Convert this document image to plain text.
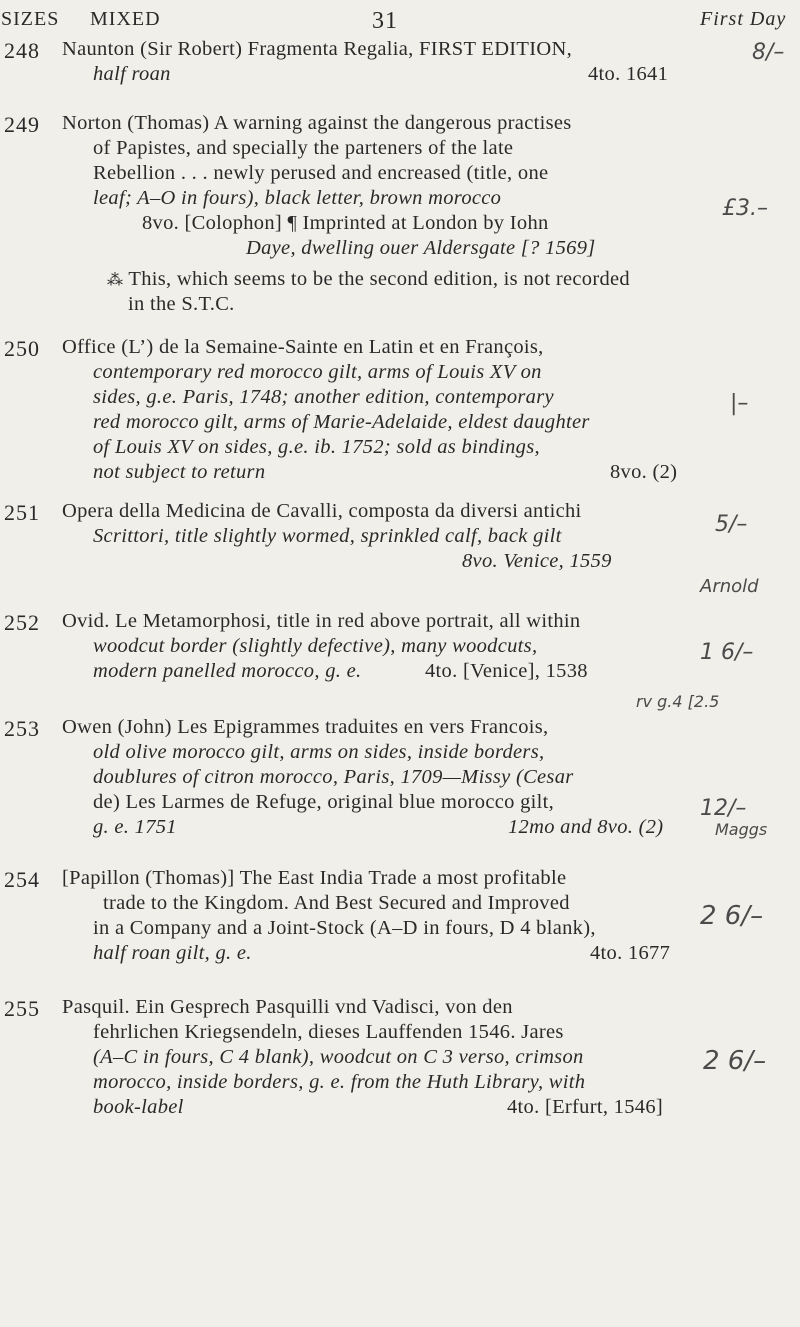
SIZES MIXED	31	First Day
248 Naunton (Sir Robert) Fragmenta Regalia, FIRST EDITION,
half roan	4to. 1641
8/–
249 Norton (Thomas) A warning against the dangerous practises
of Papistes, and specially the parteners of the late
Rebellion . . . newly perused and encreased (title, one
leaf; A–O in fours), black letter, brown morocco
8vo. [Colophon] ¶ Imprinted at London by Iohn
Daye, dwelling ouer Aldersgate [? 1569]
⁂ This, which seems to be the second edition, is not recorded
in the S.T.C.
£3.–
250 Office (L’) de la Semaine-Sainte en Latin et en François,
contemporary red morocco gilt, arms of Louis XV on
sides, g.e. Paris, 1748; another edition, contemporary
red morocco gilt, arms of Marie-Adelaide, eldest daughter
of Louis XV on sides, g.e. ib. 1752; sold as bindings,
not subject to return	8vo. (2)
|–
251 Opera della Medicina de Cavalli, composta da diversi antichi
Scrittori, title slightly wormed, sprinkled calf, back gilt
8vo. Venice, 1559
5/–
Arnold
252 Ovid. Le Metamorphosi, title in red above portrait, all within
woodcut border (slightly defective), many woodcuts,
modern panelled morocco, g. e.	4to. [Venice], 1538
1 6/–
rv g.4 [2.5
253 Owen (John) Les Epigrammes traduites en vers Francois,
old olive morocco gilt, arms on sides, inside borders,
doublures of citron morocco, Paris, 1709—Missy (Cesar
de) Les Larmes de Refuge, original blue morocco gilt,
g. e. 1751	12mo and 8vo. (2)
12/–
Maggs
254 [Papillon (Thomas)] The East India Trade a most profitable
trade to the Kingdom. And Best Secured and Improved
in a Company and a Joint-Stock (A–D in fours, D 4 blank),
half roan gilt, g. e.	4to. 1677
2 6/–
255 Pasquil. Ein Gesprech Pasquilli vnd Vadisci, von den
fehrlichen Kriegsendeln, dieses Lauffenden 1546. Jares
(A–C in fours, C 4 blank), woodcut on C 3 verso, crimson
morocco, inside borders, g. e. from the Huth Library, with
book-label	4to. [Erfurt, 1546]
2 6/–
